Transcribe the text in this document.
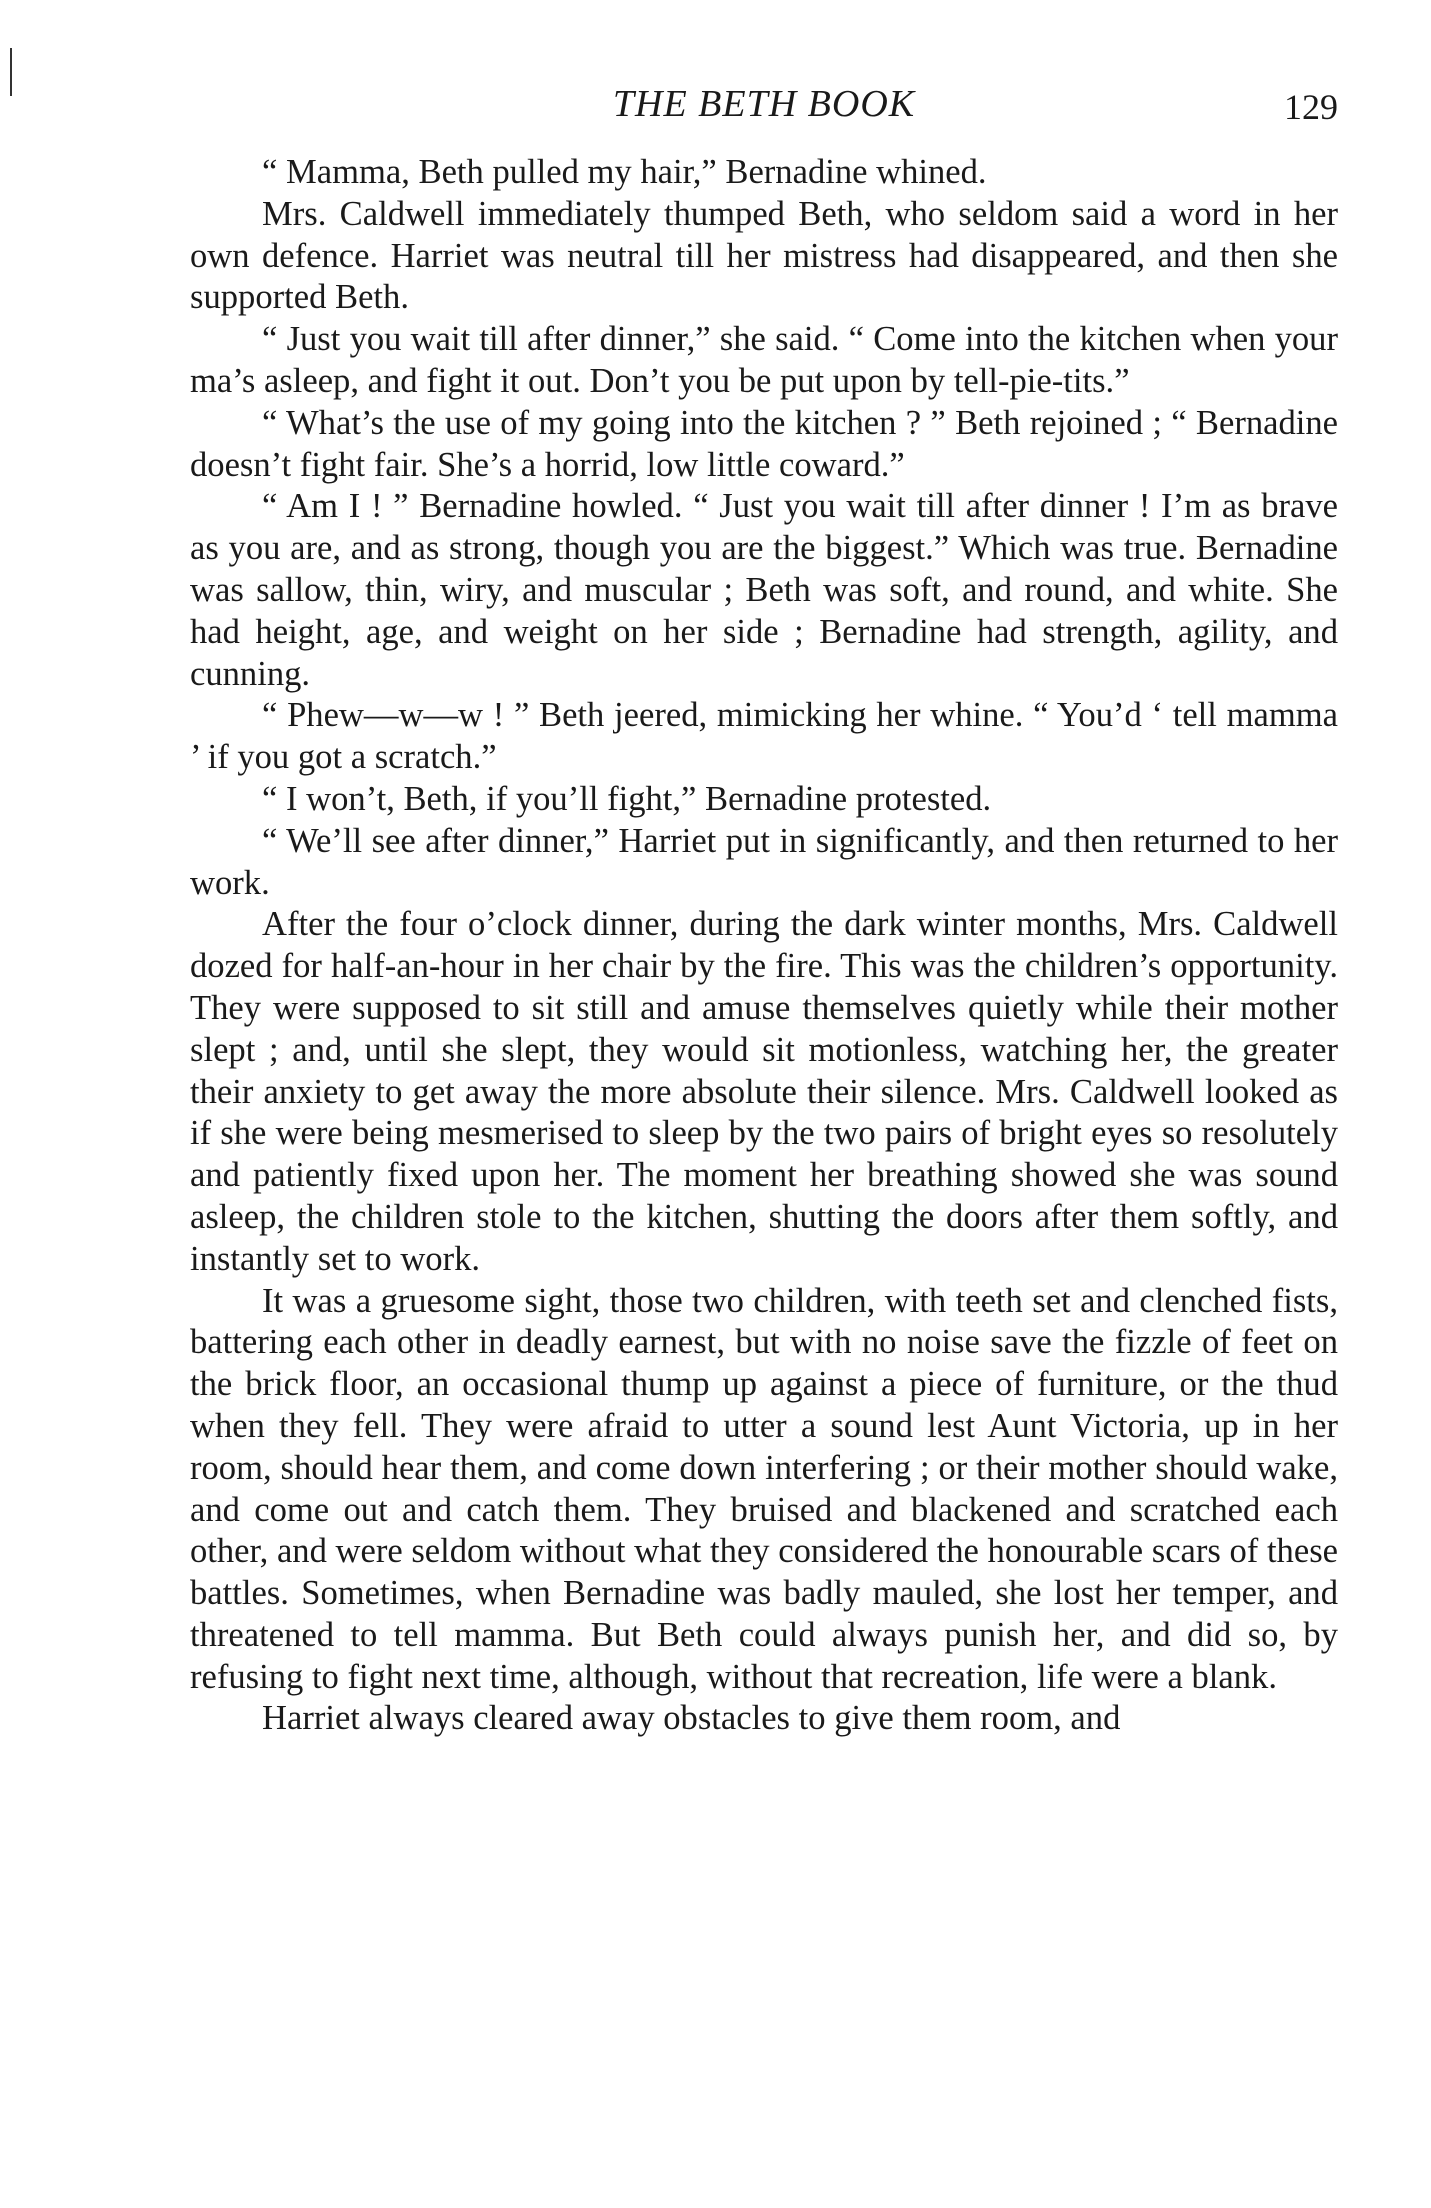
THE BETH BOOK	129

“ Mamma, Beth pulled my hair,” Bernadine whined.

Mrs. Caldwell immediately thumped Beth, who seldom said a word in her own defence. Harriet was neutral till her mistress had disappeared, and then she supported Beth.

“ Just you wait till after dinner,” she said. “ Come into the kitchen when your ma’s asleep, and fight it out. Don’t you be put upon by tell-pie-tits.”

“ What’s the use of my going into the kitchen ? ” Beth rejoined ; “ Bernadine doesn’t fight fair. She’s a horrid, low little coward.”

“ Am I ! ” Bernadine howled. “ Just you wait till after dinner ! I’m as brave as you are, and as strong, though you are the biggest.” Which was true. Bernadine was sallow, thin, wiry, and muscular ; Beth was soft, and round, and white. She had height, age, and weight on her side ; Bernadine had strength, agility, and cunning.

“ Phew—w—w ! ” Beth jeered, mimicking her whine. “ You’d ‘ tell mamma ’ if you got a scratch.”

“ I won’t, Beth, if you’ll fight,” Bernadine protested.

“ We’ll see after dinner,” Harriet put in significantly, and then returned to her work.

After the four o’clock dinner, during the dark winter months, Mrs. Caldwell dozed for half-an-hour in her chair by the fire. This was the children’s opportunity. They were supposed to sit still and amuse themselves quietly while their mother slept ; and, until she slept, they would sit motionless, watching her, the greater their anxiety to get away the more absolute their silence. Mrs. Caldwell looked as if she were being mesmerised to sleep by the two pairs of bright eyes so resolutely and patiently fixed upon her. The moment her breathing showed she was sound asleep, the children stole to the kitchen, shutting the doors after them softly, and instantly set to work.

It was a gruesome sight, those two children, with teeth set and clenched fists, battering each other in deadly earnest, but with no noise save the fizzle of feet on the brick floor, an occasional thump up against a piece of furniture, or the thud when they fell. They were afraid to utter a sound lest Aunt Victoria, up in her room, should hear them, and come down interfering ; or their mother should wake, and come out and catch them. They bruised and blackened and scratched each other, and were seldom without what they considered the honourable scars of these battles. Sometimes, when Bernadine was badly mauled, she lost her temper, and threatened to tell mamma. But Beth could always punish her, and did so, by refusing to fight next time, although, without that recreation, life were a blank.

Harriet always cleared away obstacles to give them room, and
